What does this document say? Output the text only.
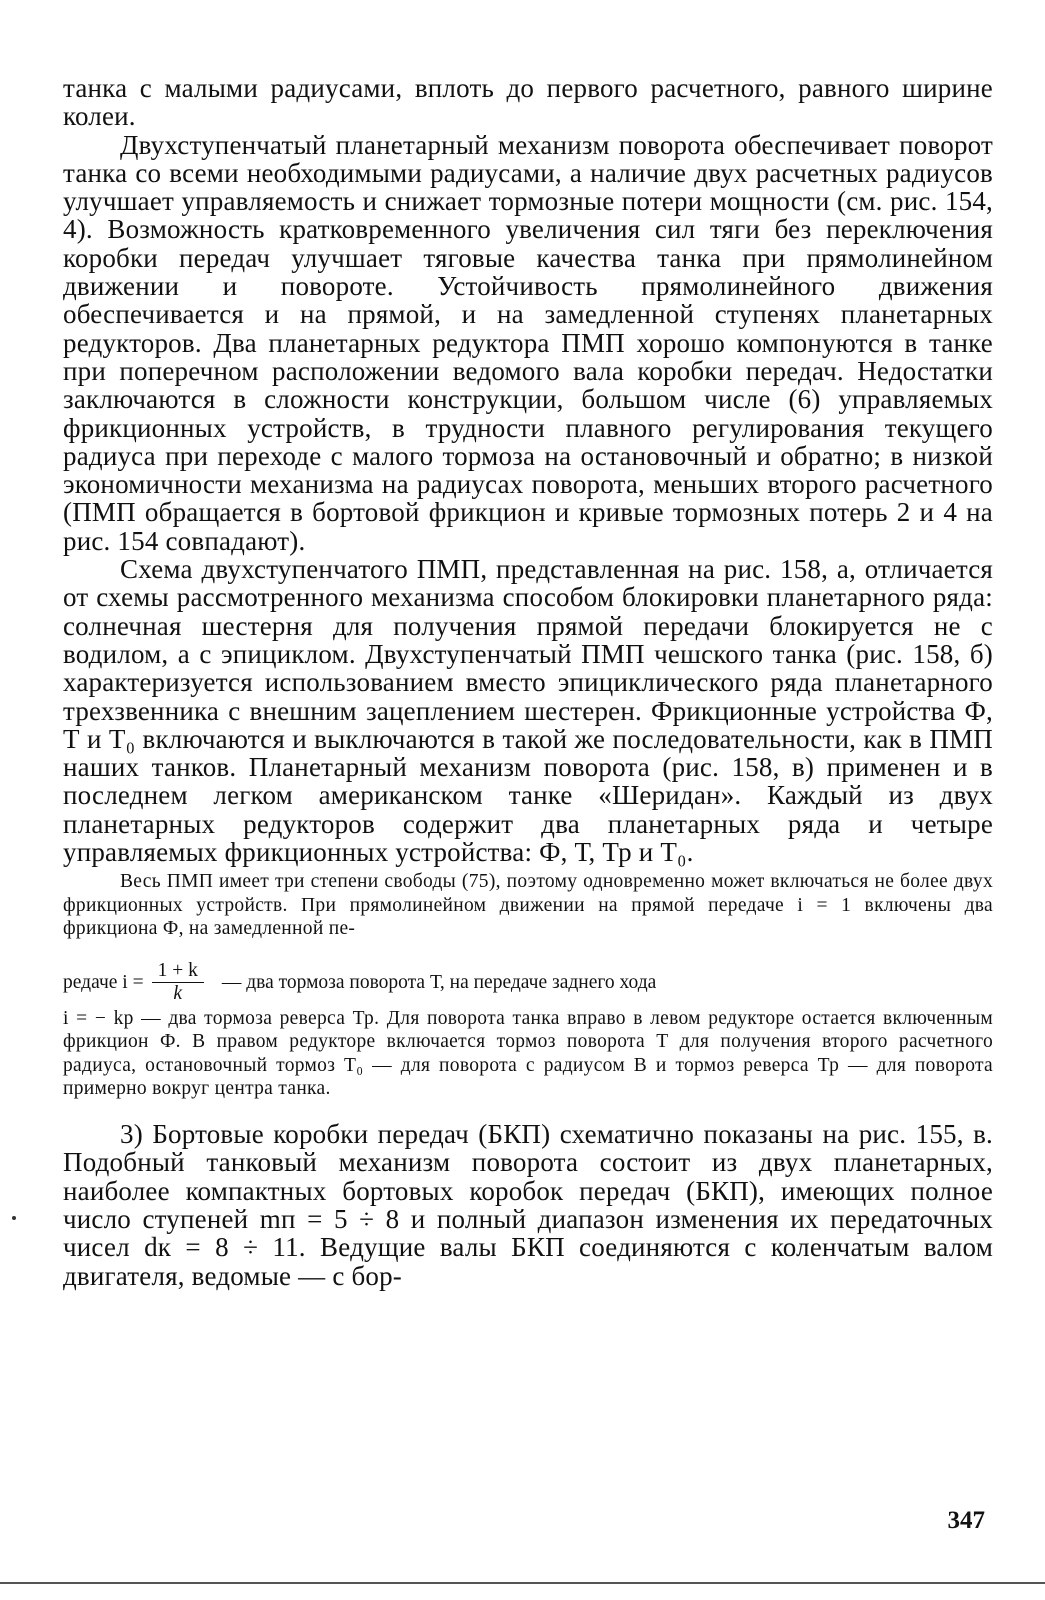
танка с малыми радиусами, вплоть до первого расчетного, равного ширине колеи.

Двухступенчатый планетарный механизм поворота обеспечивает поворот танка со всеми необходимыми радиусами, а наличие двух расчетных радиусов улучшает управляемость и снижает тормозные потери мощности (см. рис. 154, 4). Возможность кратковременного увеличения сил тяги без переключения коробки передач улучшает тяговые качества танка при прямолинейном движении и повороте. Устойчивость прямолинейного движения обеспечивается и на прямой, и на замедленной ступенях планетарных редукторов. Два планетарных редуктора ПМП хорошо компонуются в танке при поперечном расположении ведомого вала коробки передач. Недостатки заключаются в сложности конструкции, большом числе (6) управляемых фрикционных устройств, в трудности плавного регулирования текущего радиуса при переходе с малого тормоза на остановочный и обратно; в низкой экономичности механизма на радиусах поворота, меньших второго расчетного (ПМП обращается в бортовой фрикцион и кривые тормозных потерь 2 и 4 на рис. 154 совпадают).

Схема двухступенчатого ПМП, представленная на рис. 158, а, отличается от схемы рассмотренного механизма способом блокировки планетарного ряда: солнечная шестерня для получения прямой передачи блокируется не с водилом, а с эпициклом. Двухступенчатый ПМП чешского танка (рис. 158, б) характеризуется использованием вместо эпициклического ряда планетарного трехзвенника с внешним зацеплением шестерен. Фрикционные устройства Ф, Т и Т₀ включаются и выключаются в такой же последовательности, как в ПМП наших танков. Планетарный механизм поворота (рис. 158, в) применен и в последнем легком американском танке «Шеридан». Каждый из двух планетарных редукторов содержит два планетарных ряда и четыре управляемых фрикционных устройства: Ф, Т, Тр и Т₀.

Весь ПМП имеет три степени свободы (75), поэтому одновременно может включаться не более двух фрикционных устройств. При прямолинейном движении на прямой передаче i = 1 включены два фрикциона Ф, на замедленной пе-

редаче $i = \frac{1 + k}{k}$ — два тормоза поворота Т, на передаче заднего хода

i = − kр — два тормоза реверса Тр. Для поворота танка вправо в левом редукторе остается включенным фрикцион Ф. В правом редукторе включается тормоз поворота Т для получения второго расчетного радиуса, остановочный тормоз Т₀ — для поворота с радиусом В и тормоз реверса Тр — для поворота примерно вокруг центра танка.

3) Бортовые коробки передач (БКП) схематично показаны на рис. 155, в. Подобный танковый механизм поворота состоит из двух планетарных, наиболее компактных бортовых коробок передач (БКП), имеющих полное число ступеней mп = 5 ÷ 8 и полный диапазон изменения их передаточных чисел dк = 8 ÷ 11. Ведущие валы БКП соединяются с коленчатым валом двигателя, ведомые — с бор-

347
